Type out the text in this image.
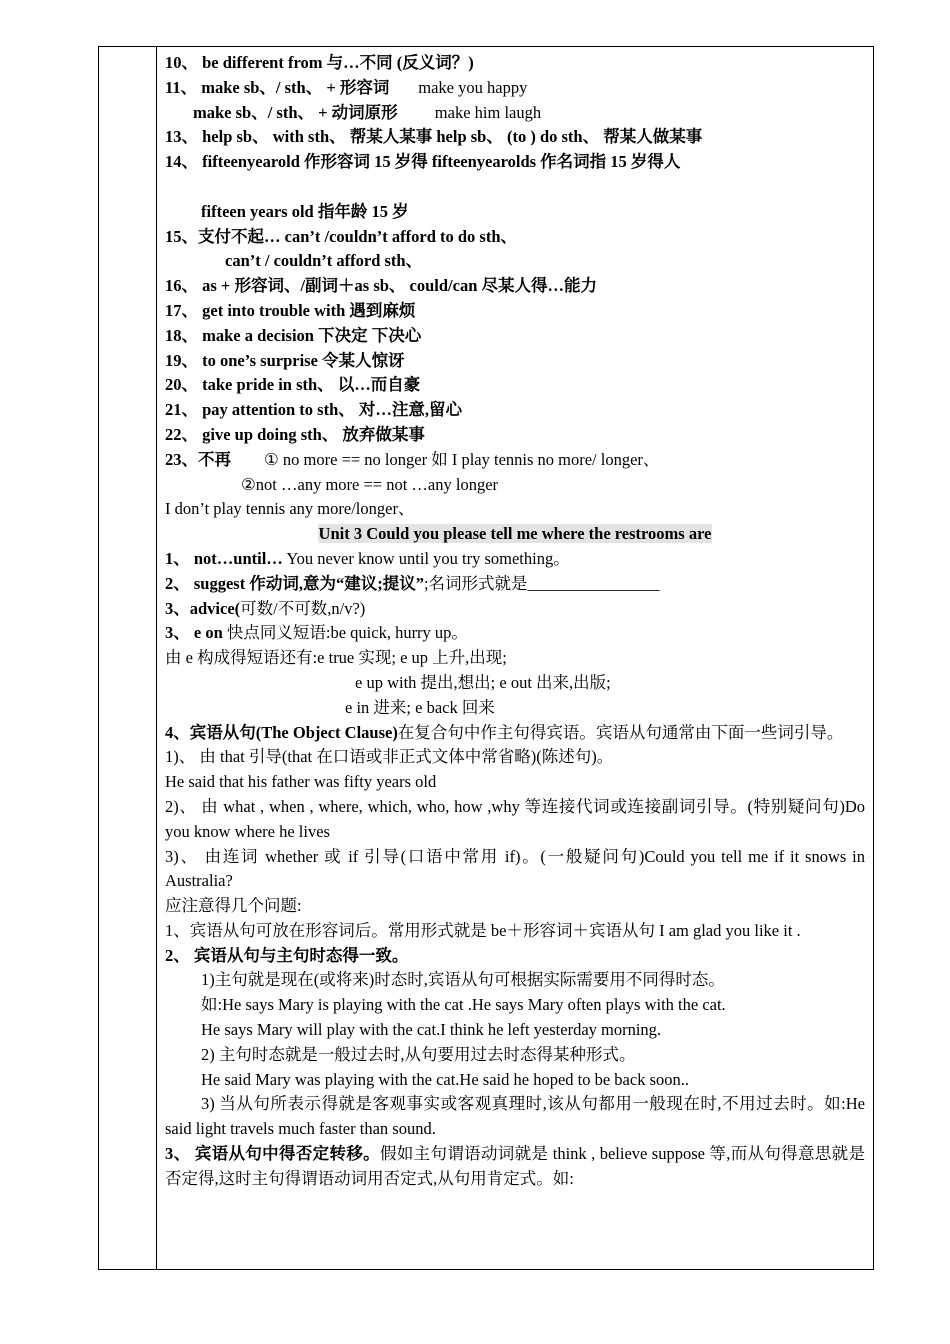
10、 be different from 与…不同 (反义词？)
11、 make sb、/ sth、 + 形容词 make you happy
make sb、/ sth、 + 动词原形 make him laugh
13、 help sb、 with sth、 帮某人某事 help sb、 (to ) do sth、 帮某人做某事
14、 fifteenyearold 作形容词 15 岁得 fifteenyearolds 作名词指 15 岁得人
fifteen years old 指年龄 15 岁
15、支付不起… can’t /couldn’t afford to do sth、
can’t / couldn’t afford sth、
16、 as + 形容词、/副词＋as sb、 could/can 尽某人得…能力
17、 get into trouble with 遇到麻烦
18、 make a decision 下决定 下决心
19、 to one’s surprise 令某人惊讶
20、 take pride in sth、 以…而自豪
21、 pay attention to sth、 对…注意,留心
22、 give up doing sth、 放弃做某事
23、不再 ① no more == no longer 如 I play tennis no more/ longer、
②not …any more == not …any longer
I don’t play tennis any more/longer、
Unit 3 Could you please tell me where the restrooms are
1、 not…until… You never know until you try something。
2、 suggest 作动词,意为“建议;提议”;名词形式就是________________
3、advice(可数/不可数,n/v?)
3、 e on 快点同义短语:be quick, hurry up。
由 e 构成得短语还有:e true 实现; e up 上升,出现;
e up with 提出,想出; e out 出来,出版;
e in 进来; e back 回来
4、宾语从句(The Object Clause)在复合句中作主句得宾语。宾语从句通常由下面一些词引导。
1)、 由 that 引导(that 在口语或非正式文体中常省略)(陈述句)。
He said that his father was fifty years old
2)、 由 what , when , where, which, who, how ,why 等连接代词或连接副词引导。(特别疑问句)Do you know where he lives
3)、 由连词 whether 或 if 引导(口语中常用 if)。(一般疑问句)Could you tell me if it snows in Australia?
应注意得几个问题:
1、宾语从句可放在形容词后。常用形式就是 be＋形容词＋宾语从句 I am glad you like it .
2、 宾语从句与主句时态得一致。
1)主句就是现在(或将来)时态时,宾语从句可根据实际需要用不同得时态。
如:He says Mary is playing with the cat .He says Mary often plays with the cat.
He says Mary will play with the cat.I think he left yesterday morning.
2) 主句时态就是一般过去时,从句要用过去时态得某种形式。
He said Mary was playing with the cat.He said he hoped to be back soon..
3) 当从句所表示得就是客观事实或客观真理时,该从句都用一般现在时,不用过去时。如:He said light travels much faster than sound.
3、 宾语从句中得否定转移。假如主句谓语动词就是 think , believe suppose 等,而从句得意思就是否定得,这时主句得谓语动词用否定式,从句用肯定式。如:
